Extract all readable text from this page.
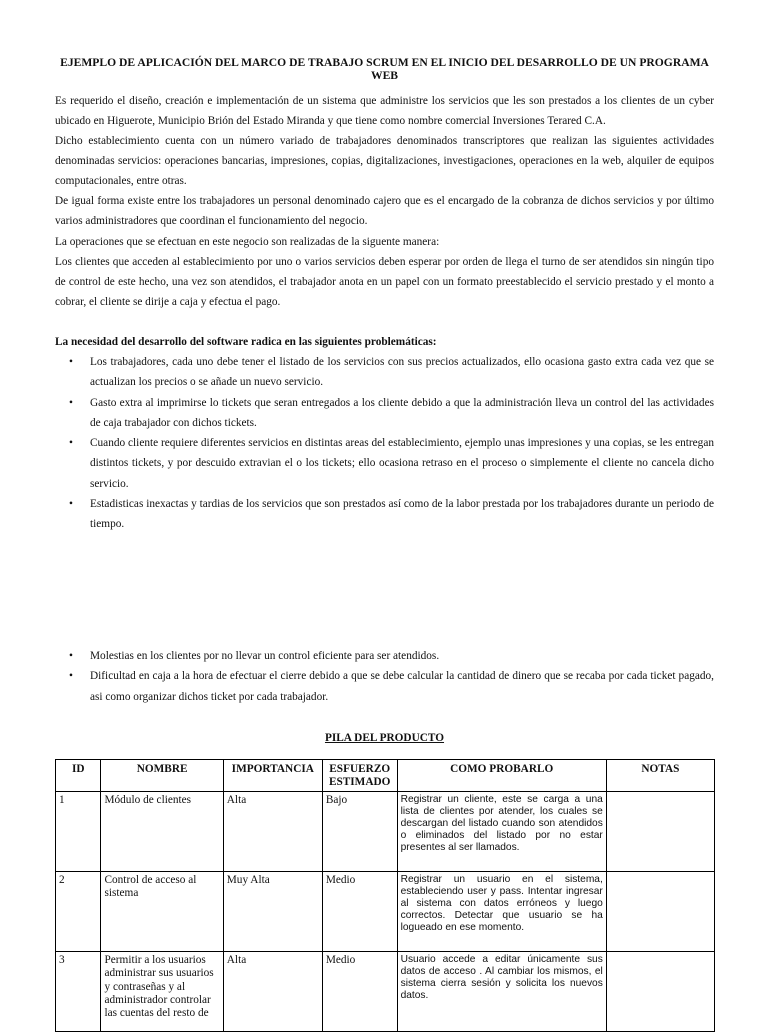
EJEMPLO DE APLICACIÓN DEL MARCO DE TRABAJO SCRUM EN EL INICIO DEL DESARROLLO DE UN PROGRAMA WEB

Es requerido el diseño, creación e implementación de un sistema que administre los servicios que les son prestados a los clientes de un cyber ubicado en Higuerote, Municipio Brión del Estado Miranda y que tiene como nombre comercial Inversiones Terared C.A.

Dicho establecimiento cuenta con un número variado de trabajadores denominados transcriptores que realizan las siguientes actividades denominadas servicios: operaciones bancarias, impresiones, copias, digitalizaciones, investigaciones, operaciones en la web, alquiler de equipos computacionales, entre otras.

De igual forma existe entre los trabajadores un personal denominado cajero que es el encargado de la cobranza de dichos servicios y por último varios administradores que coordinan el funcionamiento del negocio.

La operaciones que se efectuan en este negocio son realizadas de la siguente manera:

Los clientes que acceden al establecimiento por uno o varios servicios deben esperar por orden de llega el turno de ser atendidos sin ningún tipo de control de este hecho, una vez son atendidos, el trabajador anota en un papel con un formato preestablecido el servicio prestado y el monto a cobrar, el cliente se dirije a caja y efectua el pago.

La necesidad del desarrollo del software radica en las siguientes problemáticas:
• Los trabajadores, cada uno debe tener el listado de los servicios con sus precios actualizados, ello ocasiona gasto extra cada vez que se actualizan los precios o se añade un nuevo servicio.
• Gasto extra al imprimirse lo tickets que seran entregados a los cliente debido a que la administración lleva un control del las actividades de caja trabajador con dichos tickets.
• Cuando cliente requiere diferentes servicios en distintas areas del establecimiento, ejemplo unas impresiones y una copias, se les entregan distintos tickets, y por descuido extravian el o los tickets; ello ocasiona retraso en el proceso o simplemente el cliente no cancela dicho servicio.
• Estadisticas inexactas y tardias de los servicios que son prestados así como de la labor prestada por los trabajadores durante un periodo de tiempo.
• Molestias en los clientes por no llevar un control eficiente para ser atendidos.
• Dificultad en caja a la hora de efectuar el cierre debido a que se debe calcular la cantidad de dinero que se recaba por cada ticket pagado, asi como organizar dichos ticket por cada trabajador.
PILA DEL PRODUCTO
ID	NOMBRE	IMPORTANCIA	ESFUERZO ESTIMADO	COMO PROBARLO	NOTAS
1	Módulo de clientes	Alta	Bajo	Registrar un cliente, este se carga a una lista de clientes por atender, los cuales se descargan del listado cuando son atendidos o eliminados del listado por no estar presentes al ser llamados.	
2	Control de acceso al sistema	Muy Alta	Medio	Registrar un usuario en el sistema, estableciendo user y pass. Intentar ingresar al sistema con datos erróneos y luego correctos. Detectar que usuario se ha logueado en ese momento.	
3	Permitir a los usuarios administrar sus usuarios y contraseñas y al administrador controlar las cuentas del resto de	Alta	Medio	Usuario accede a editar únicamente sus datos de acceso . Al cambiar los mismos, el sistema cierra sesión y solicita los nuevos datos.	
